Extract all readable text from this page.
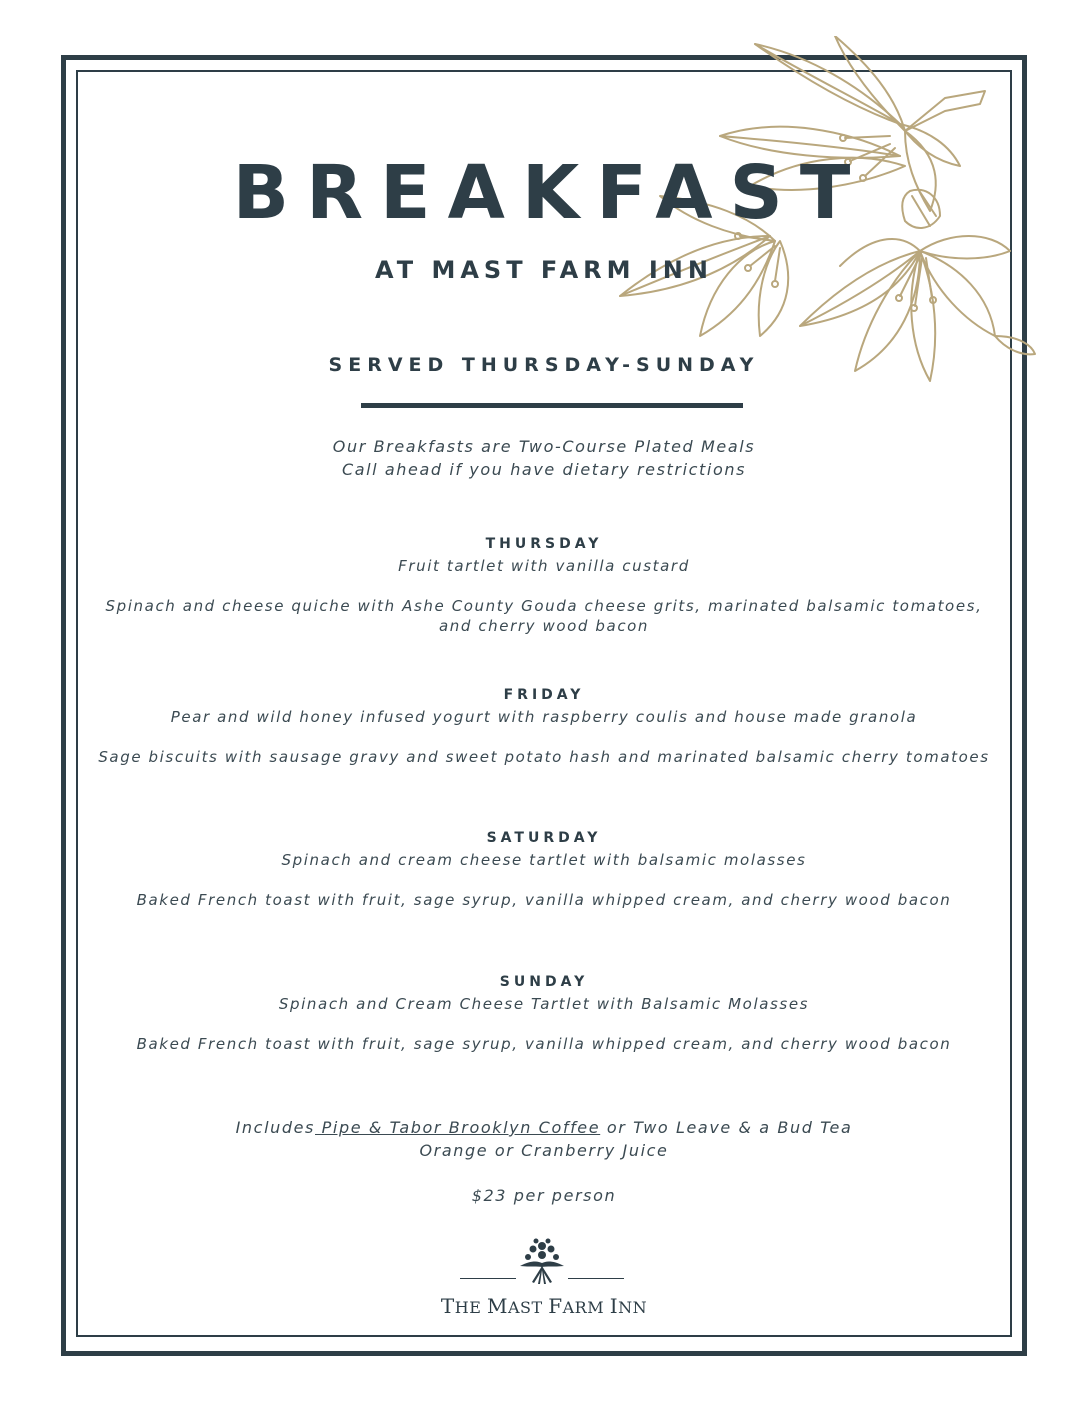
BREAKFAST
AT MAST FARM INN
SERVED THURSDAY-SUNDAY
Our Breakfasts are Two-Course Plated Meals
Call ahead if you have dietary restrictions
THURSDAY
Fruit tartlet with vanilla custard
Spinach and cheese quiche with Ashe County Gouda cheese grits, marinated balsamic tomatoes,
and cherry wood bacon
FRIDAY
Pear and wild honey infused yogurt with raspberry coulis and house made granola
Sage biscuits with sausage gravy and sweet potato hash and marinated balsamic cherry tomatoes
SATURDAY
Spinach and cream cheese tartlet with balsamic molasses
Baked French toast with fruit, sage syrup, vanilla whipped cream, and cherry wood bacon
SUNDAY
Spinach and Cream Cheese Tartlet with Balsamic Molasses
Baked French toast with fruit, sage syrup, vanilla whipped cream, and cherry wood bacon
Includes Pipe & Tabor Brooklyn Coffee or Two Leave & a Bud Tea
Orange or Cranberry Juice
$23 per person
THE MAST FARM INN
